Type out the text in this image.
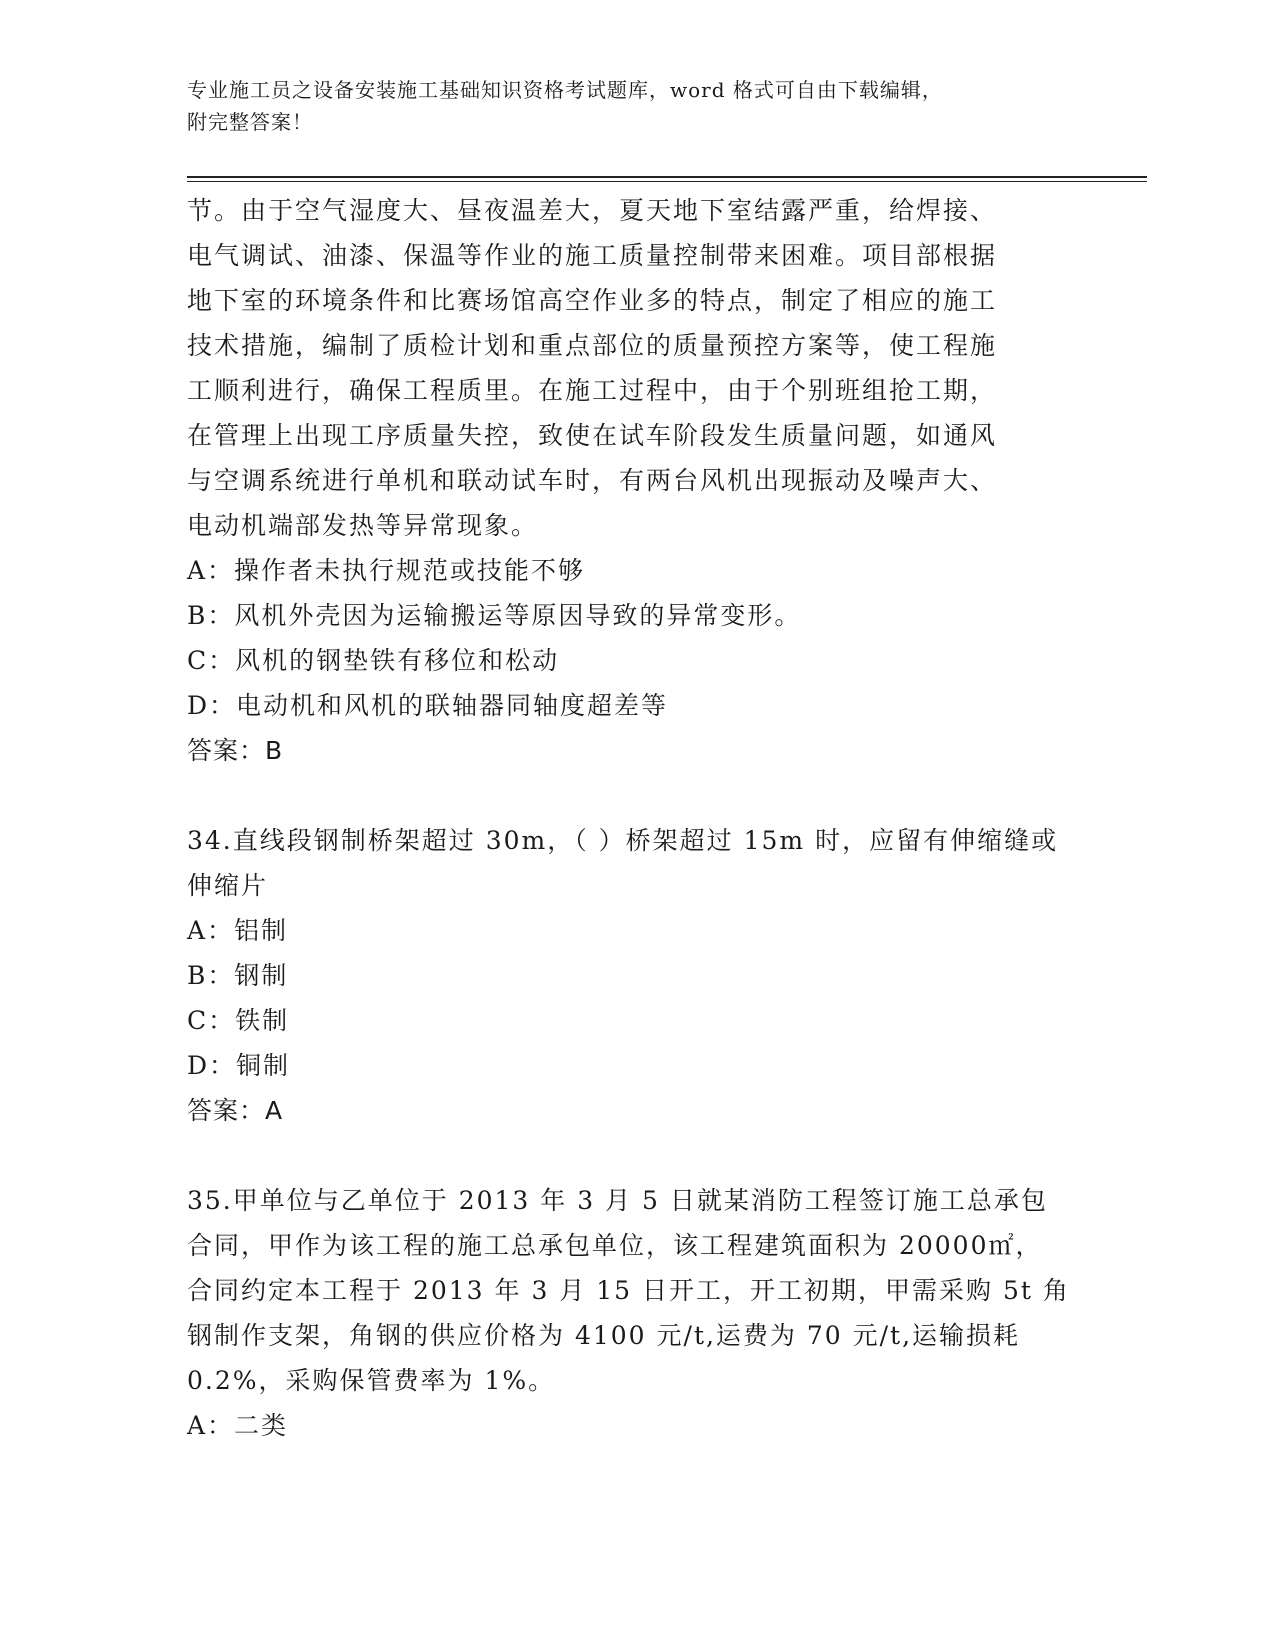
专业施工员之设备安装施工基础知识资格考试题库，word 格式可自由下载编辑，
附完整答案！
节。由于空气湿度大、昼夜温差大，夏天地下室结露严重，给焊接、
电气调试、油漆、保温等作业的施工质量控制带来困难。项目部根据
地下室的环境条件和比赛场馆高空作业多的特点，制定了相应的施工
技术措施，编制了质检计划和重点部位的质量预控方案等，使工程施
工顺利进行，确保工程质里。在施工过程中，由于个别班组抢工期，
在管理上出现工序质量失控，致使在试车阶段发生质量问题，如通风
与空调系统进行单机和联动试车时，有两台风机出现振动及噪声大、
电动机端部发热等异常现象。

A：操作者未执行规范或技能不够

B：风机外壳因为运输搬运等原因导致的异常变形。

C：风机的钢垫铁有移位和松动

D：电动机和风机的联轴器同轴度超差等

答案：B

34.直线段钢制桥架超过 30m，（ ）桥架超过 15m 时，应留有伸缩缝或
伸缩片

A：铝制

B：钢制

C：铁制

D：铜制

答案：A

35.甲单位与乙单位于 2013 年 3 月 5 日就某消防工程签订施工总承包
合同，甲作为该工程的施工总承包单位，该工程建筑面积为 20000㎡，
合同约定本工程于 2013 年 3 月 15 日开工，开工初期，甲需采购 5t 角
钢制作支架，角钢的供应价格为 4100 元/t,运费为 70 元/t,运输损耗
0.2%，采购保管费率为 1%。

A：二类
